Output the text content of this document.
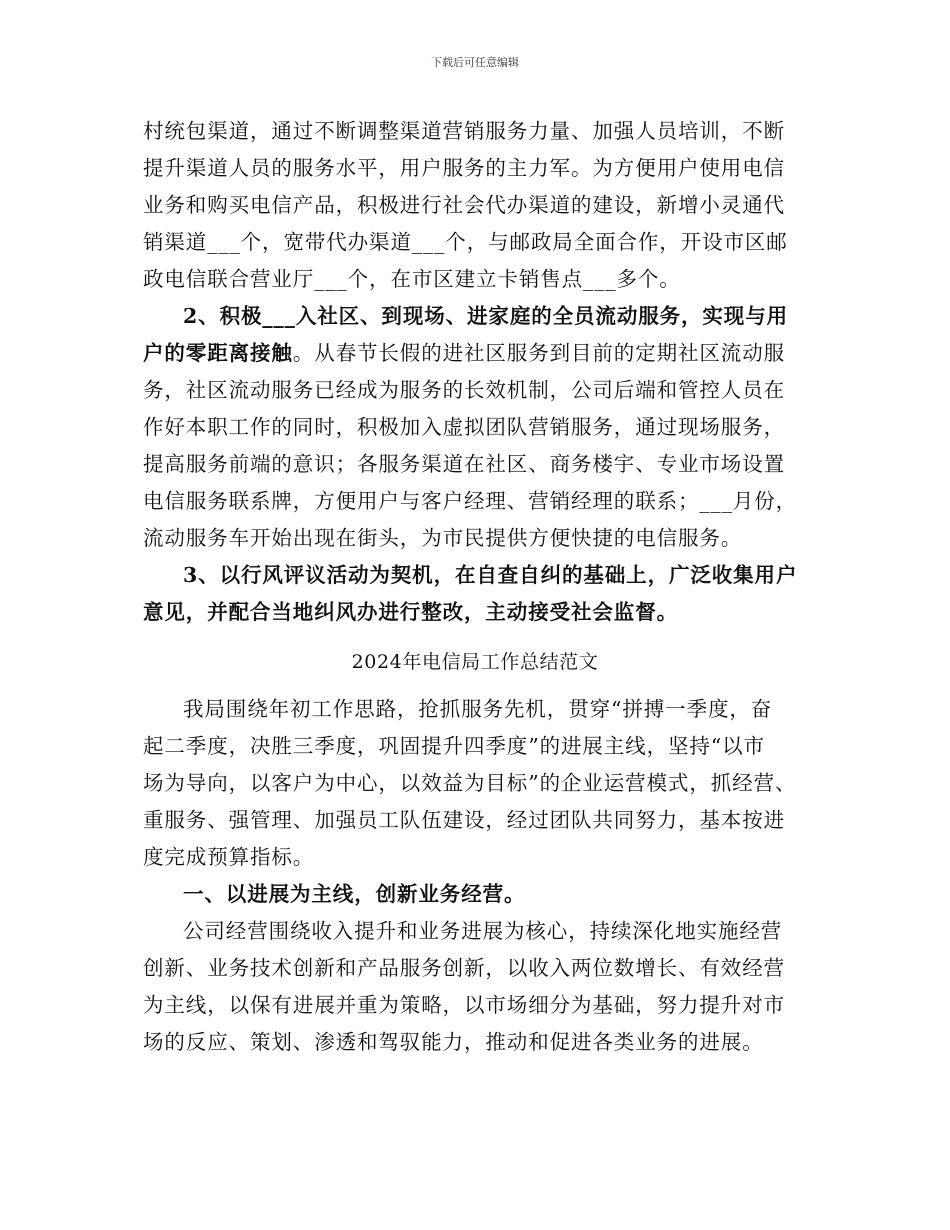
下载后可任意编辑
村统包渠道，通过不断调整渠道营销服务力量、加强人员培训，不断
提升渠道人员的服务水平，用户服务的主力军。为方便用户使用电信
业务和购买电信产品，积极进行社会代办渠道的建设，新增小灵通代
销渠道___个，宽带代办渠道___个，与邮政局全面合作，开设市区邮
政电信联合营业厅___个，在市区建立卡销售点___多个。
2、积极___入社区、到现场、进家庭的全员流动服务，实现与用
户的零距离接触。从春节长假的进社区服务到目前的定期社区流动服
务，社区流动服务已经成为服务的长效机制，公司后端和管控人员在
作好本职工作的同时，积极加入虚拟团队营销服务，通过现场服务，
提高服务前端的意识；各服务渠道在社区、商务楼宇、专业市场设置
电信服务联系牌，方便用户与客户经理、营销经理的联系；___月份，
流动服务车开始出现在街头，为市民提供方便快捷的电信服务。
3、以行风评议活动为契机，在自查自纠的基础上，广泛收集用户
意见，并配合当地纠风办进行整改，主动接受社会监督。
2024年电信局工作总结范文
我局围绕年初工作思路，抢抓服务先机，贯穿“拼搏一季度，奋
起二季度，决胜三季度，巩固提升四季度”的进展主线，坚持“以市
场为导向，以客户为中心，以效益为目标”的企业运营模式，抓经营、
重服务、强管理、加强员工队伍建设，经过团队共同努力，基本按进
度完成预算指标。
一、以进展为主线，创新业务经营。
公司经营围绕收入提升和业务进展为核心，持续深化地实施经营
创新、业务技术创新和产品服务创新，以收入两位数增长、有效经营
为主线，以保有进展并重为策略，以市场细分为基础，努力提升对市
场的反应、策划、渗透和驾驭能力，推动和促进各类业务的进展。
